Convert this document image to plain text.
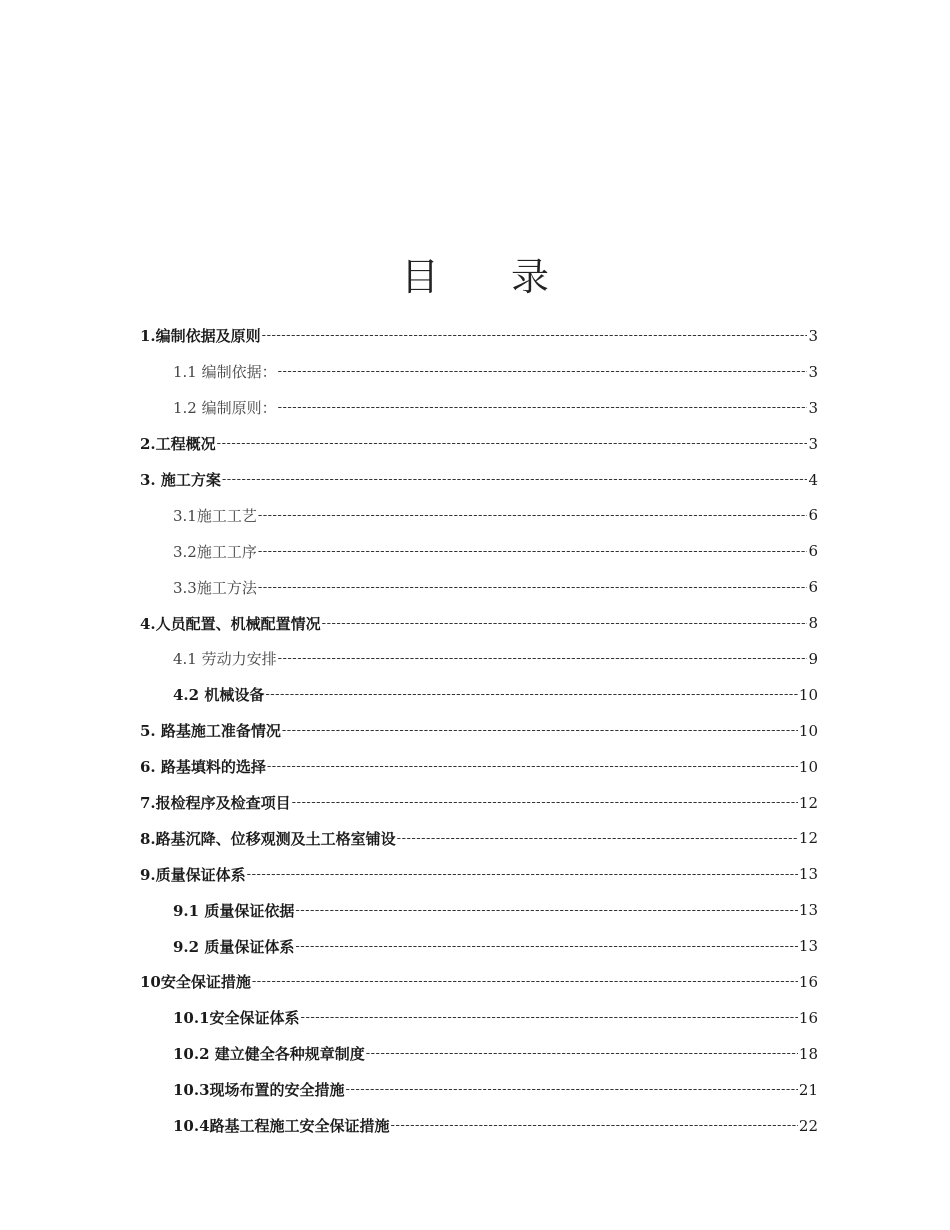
目 录
1.编制依据及原则 -----	3
1.1 编制依据： -----	3
1.2 编制原则： -----	3
2.工程概况 -----	3
3. 施工方案 -----	4
3.1施工工艺 -----	6
3.2施工工序 -----	6
3.3施工方法 -----	6
4.人员配置、机械配置情况 -----	8
4.1 劳动力安排 -----	9
4.2 机械设备 -----	10
5. 路基施工准备情况 -----	10
6. 路基填料的选择 -----	10
7.报检程序及检查项目 -----	12
8.路基沉降、位移观测及土工格室铺设 -----	12
9.质量保证体系 -----	13
9.1 质量保证依据 -----	13
9.2 质量保证体系 -----	13
10安全保证措施 -----	16
10.1安全保证体系 -----	16
10.2 建立健全各种规章制度 -----	18
10.3现场布置的安全措施 -----	21
10.4路基工程施工安全保证措施 -----	22
